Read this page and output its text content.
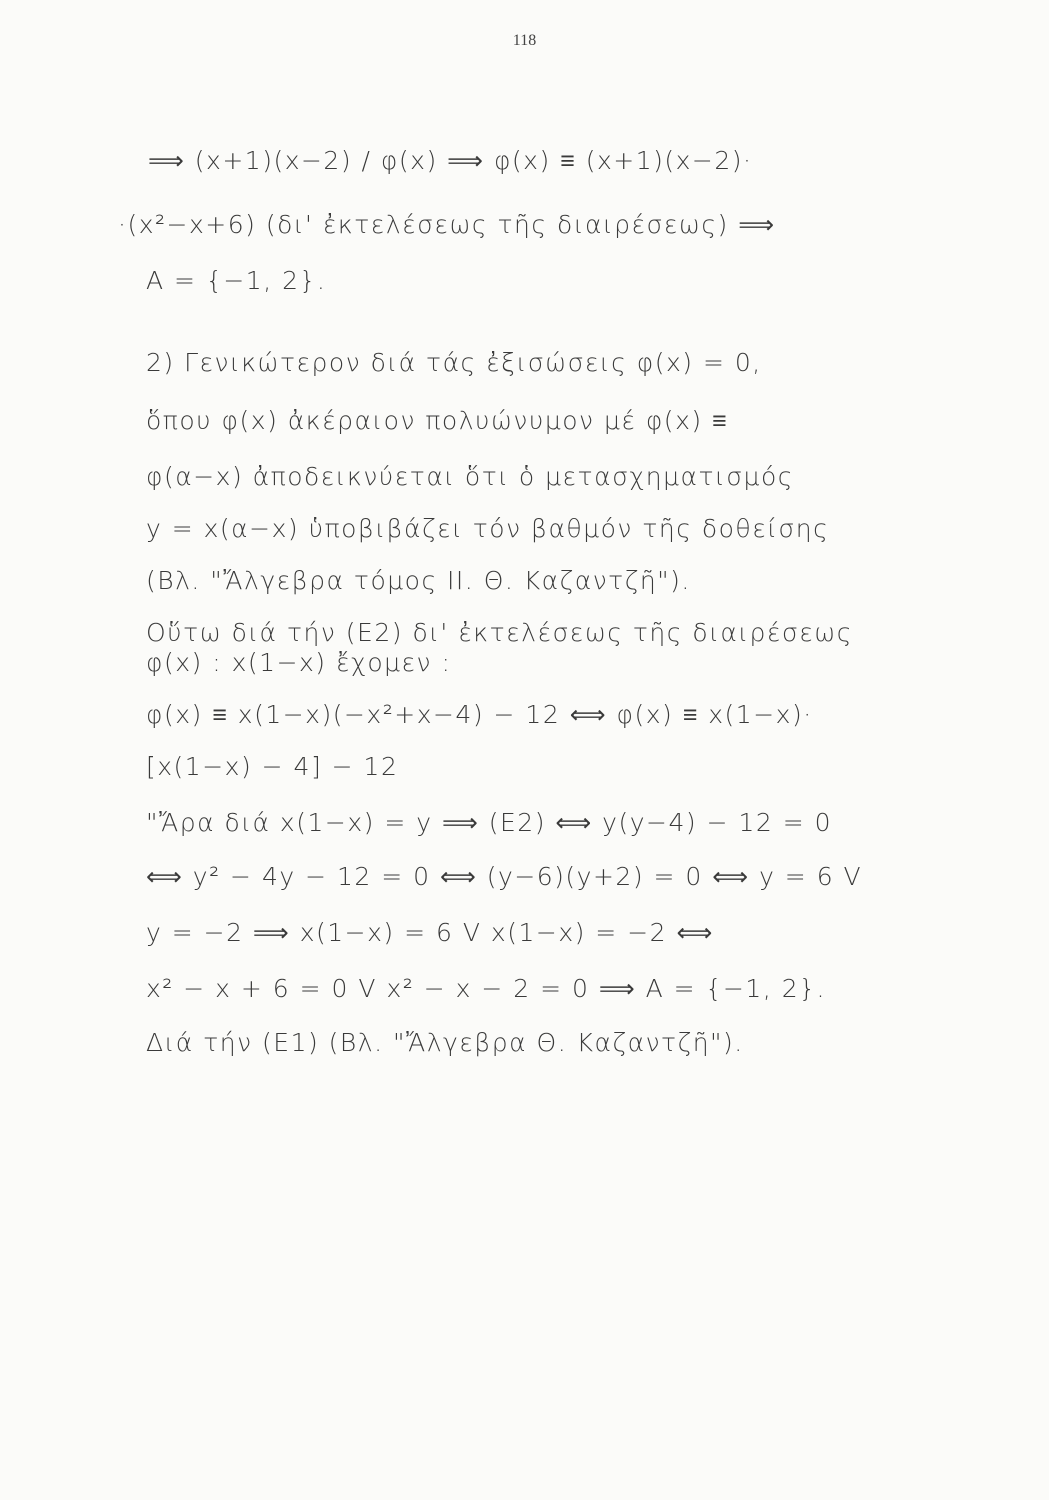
118
⟹ (x+1)(x−2) / φ(x) ⟹ φ(x) ≡ (x+1)(x−2)·
·(x²−x+6) (δι' ἐκτελέσεως τῆς διαιρέσεως) ⟹
A = {−1, 2}.
2) Γενικώτερον διά τάς ἐξισώσεις φ(x) = 0,
ὅπου φ(x) ἀκέραιον πολυώνυμον μέ φ(x) ≡
φ(α−x) ἀποδεικνύεται ὅτι ὁ μετασχηματισμός
y = x(α−x) ὑποβιβάζει τόν βαθμόν τῆς δοθείσης
(Βλ. "Ἄλγεβρα τόμος ΙΙ. Θ. Καζαντζῆ").
Οὕτω διά τήν (Ε2) δι' ἐκτελέσεως τῆς διαιρέσεως
φ(x) : x(1−x) ἔχομεν :
φ(x) ≡ x(1−x)(−x²+x−4) − 12 ⟺ φ(x) ≡ x(1−x)·
[x(1−x) − 4] − 12
"Ἄρα διά x(1−x) = y ⟹ (Ε2) ⟺ y(y−4) − 12 = 0
⟺ y² − 4y − 12 = 0 ⟺ (y−6)(y+2) = 0 ⟺ y = 6 V
y = −2 ⟹ x(1−x) = 6 V x(1−x) = −2 ⟺
x² − x + 6 = 0 V x² − x − 2 = 0 ⟹ A = {−1, 2}.
Διά τήν (Ε1) (Βλ. "Ἄλγεβρα Θ. Καζαντζῆ").
